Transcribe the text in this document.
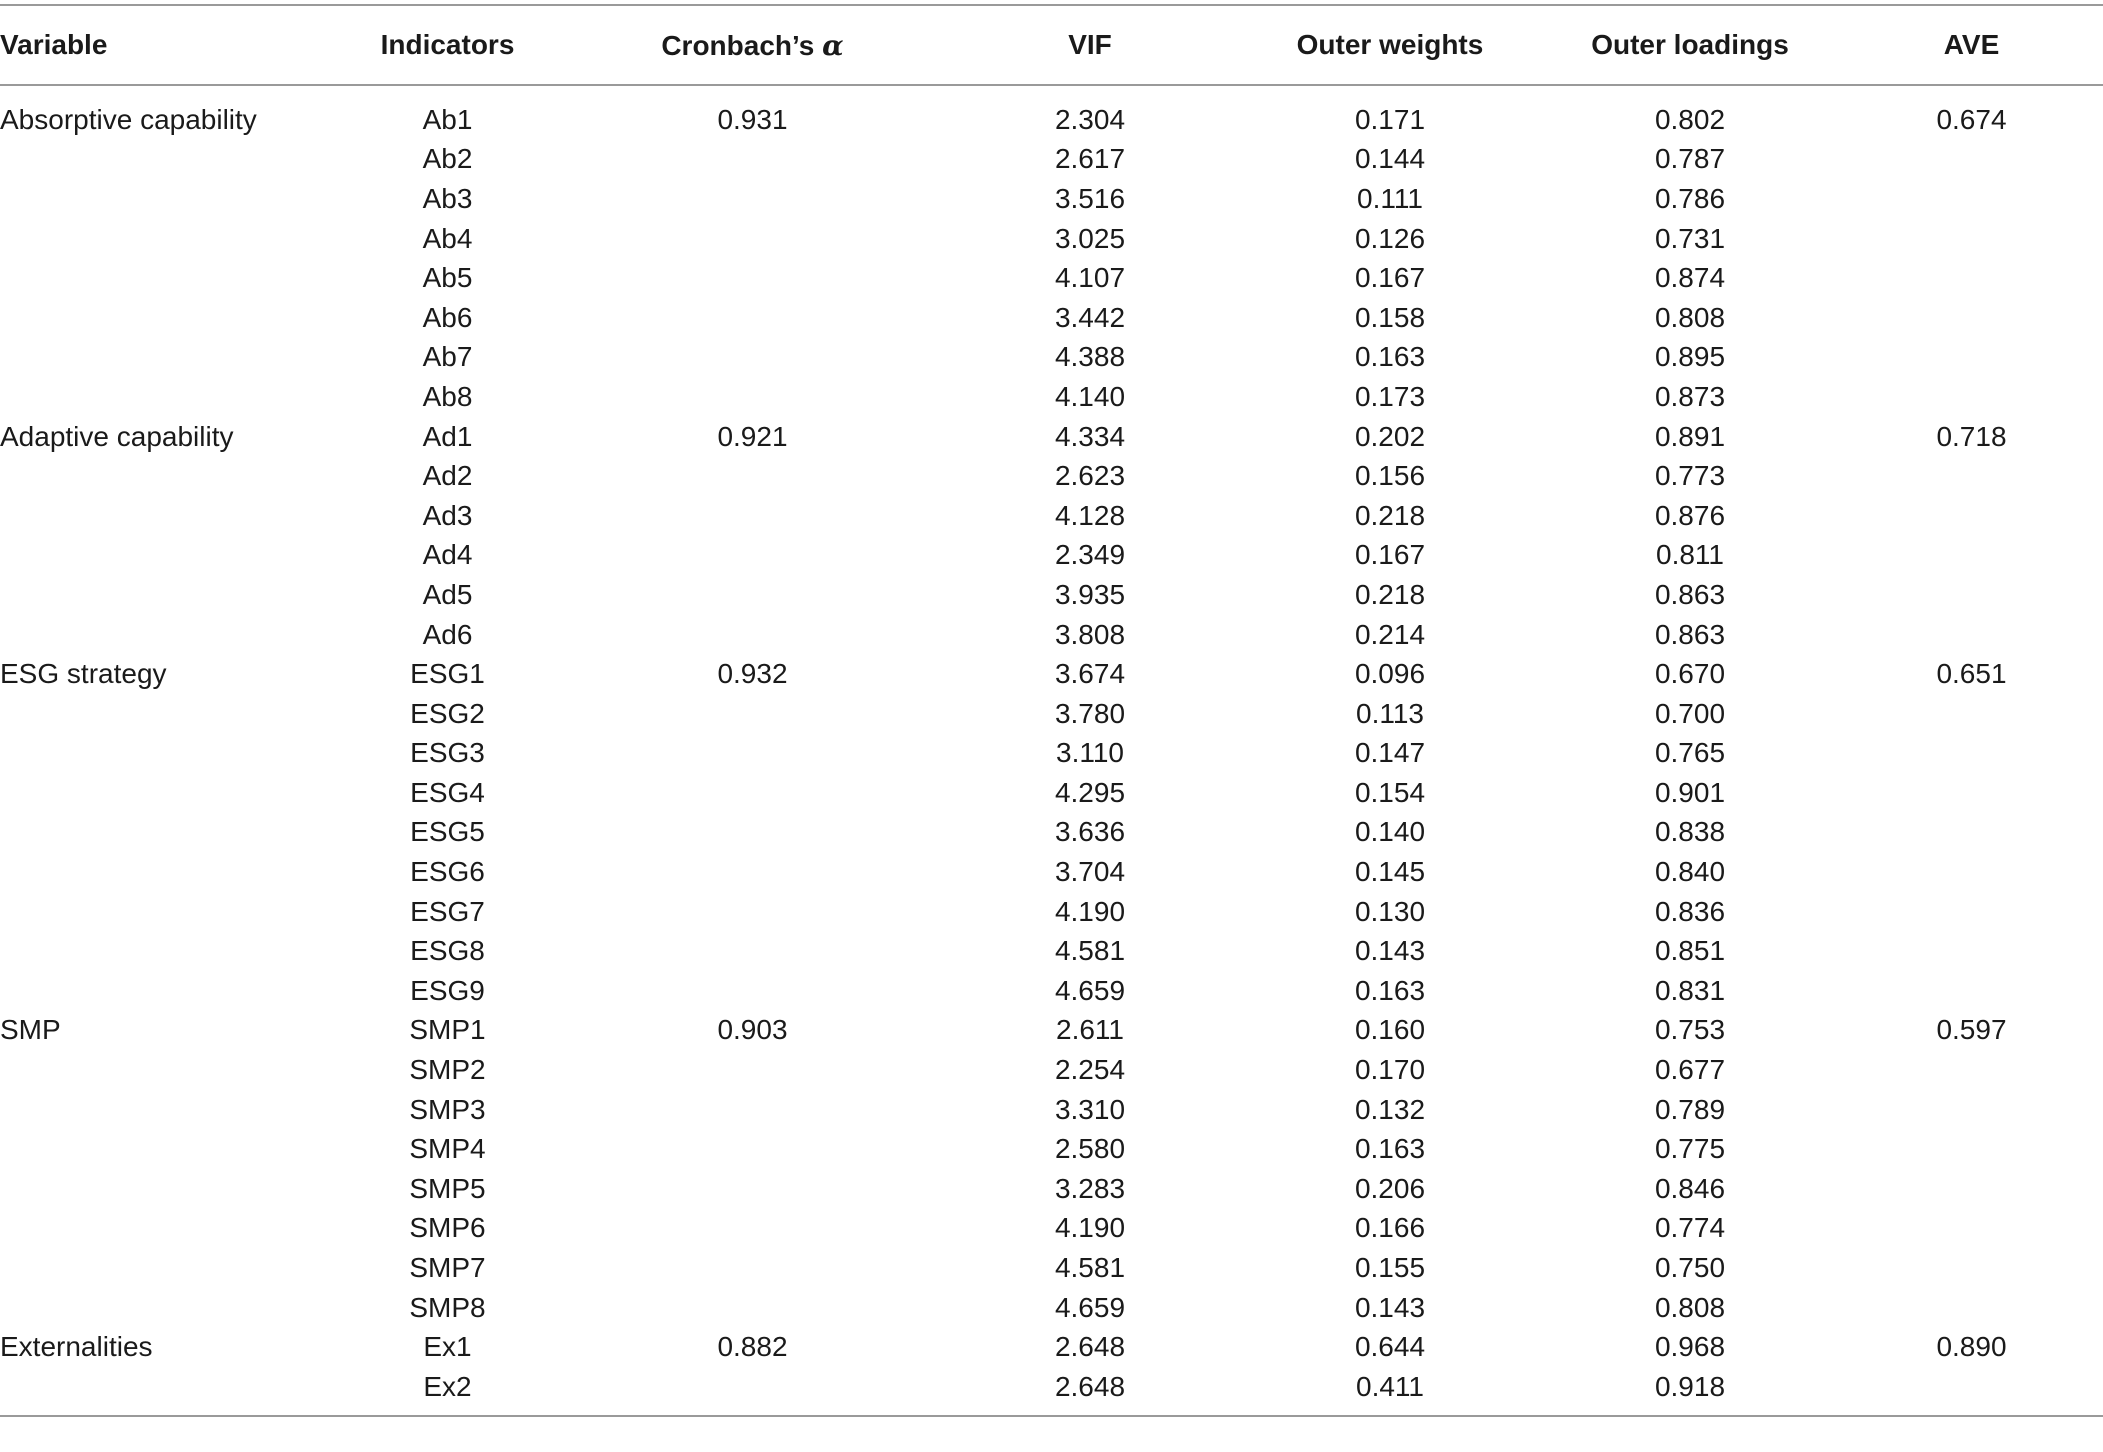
Variable	Indicators	Cronbach’s α	VIF	Outer weights	Outer loadings	AVE
Absorptive capability	Ab1	0.931	2.304	0.171	0.802	0.674
	Ab2		2.617	0.144	0.787	
	Ab3		3.516	0.111	0.786	
	Ab4		3.025	0.126	0.731	
	Ab5		4.107	0.167	0.874	
	Ab6		3.442	0.158	0.808	
	Ab7		4.388	0.163	0.895	
	Ab8		4.140	0.173	0.873	
Adaptive capability	Ad1	0.921	4.334	0.202	0.891	0.718
	Ad2		2.623	0.156	0.773	
	Ad3		4.128	0.218	0.876	
	Ad4		2.349	0.167	0.811	
	Ad5		3.935	0.218	0.863	
	Ad6		3.808	0.214	0.863	
ESG strategy	ESG1	0.932	3.674	0.096	0.670	0.651
	ESG2		3.780	0.113	0.700	
	ESG3		3.110	0.147	0.765	
	ESG4		4.295	0.154	0.901	
	ESG5		3.636	0.140	0.838	
	ESG6		3.704	0.145	0.840	
	ESG7		4.190	0.130	0.836	
	ESG8		4.581	0.143	0.851	
	ESG9		4.659	0.163	0.831	
SMP	SMP1	0.903	2.611	0.160	0.753	0.597
	SMP2		2.254	0.170	0.677	
	SMP3		3.310	0.132	0.789	
	SMP4		2.580	0.163	0.775	
	SMP5		3.283	0.206	0.846	
	SMP6		4.190	0.166	0.774	
	SMP7		4.581	0.155	0.750	
	SMP8		4.659	0.143	0.808	
Externalities	Ex1	0.882	2.648	0.644	0.968	0.890
	Ex2		2.648	0.411	0.918	
